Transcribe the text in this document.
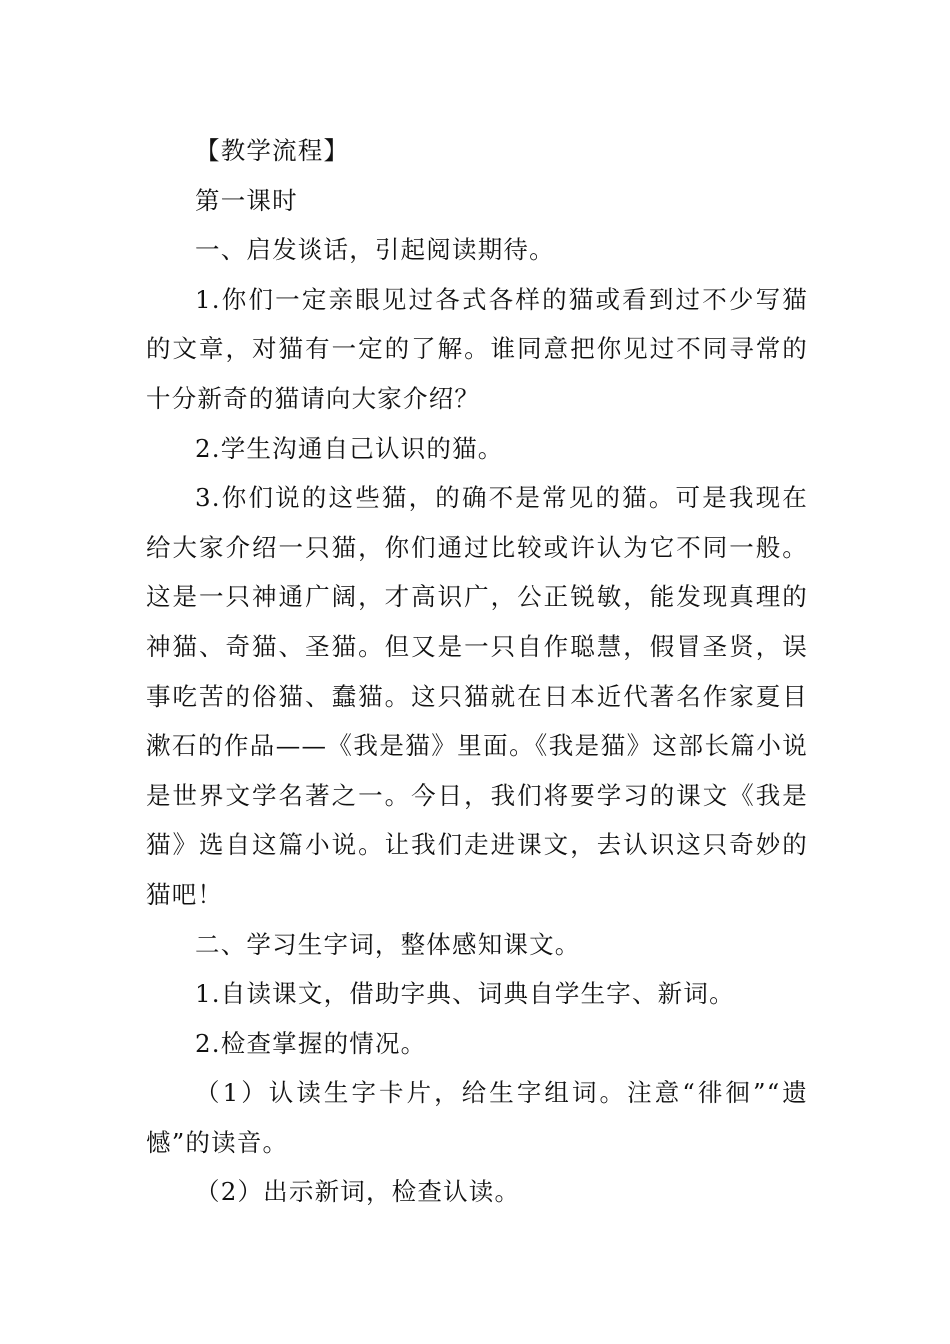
【教学流程】

第一课时

一、启发谈话，引起阅读期待。

1.你们一定亲眼见过各式各样的猫或看到过不少写猫的文章，对猫有一定的了解。谁同意把你见过不同寻常的十分新奇的猫请向大家介绍？

2.学生沟通自己认识的猫。

3.你们说的这些猫，的确不是常见的猫。可是我现在给大家介绍一只猫，你们通过比较或许认为它不同一般。这是一只神通广阔，才高识广，公正锐敏，能发现真理的神猫、奇猫、圣猫。但又是一只自作聪慧，假冒圣贤，误事吃苦的俗猫、蠢猫。这只猫就在日本近代著名作家夏目漱石的作品——《我是猫》里面。《我是猫》这部长篇小说是世界文学名著之一。今日，我们将要学习的课文《我是猫》选自这篇小说。让我们走进课文，去认识这只奇妙的猫吧！

二、学习生字词，整体感知课文。

1.自读课文，借助字典、词典自学生字、新词。

2.检查掌握的情况。

（1）认读生字卡片，给生字组词。注意“徘徊”“遗憾”的读音。

（2）出示新词，检查认读。
